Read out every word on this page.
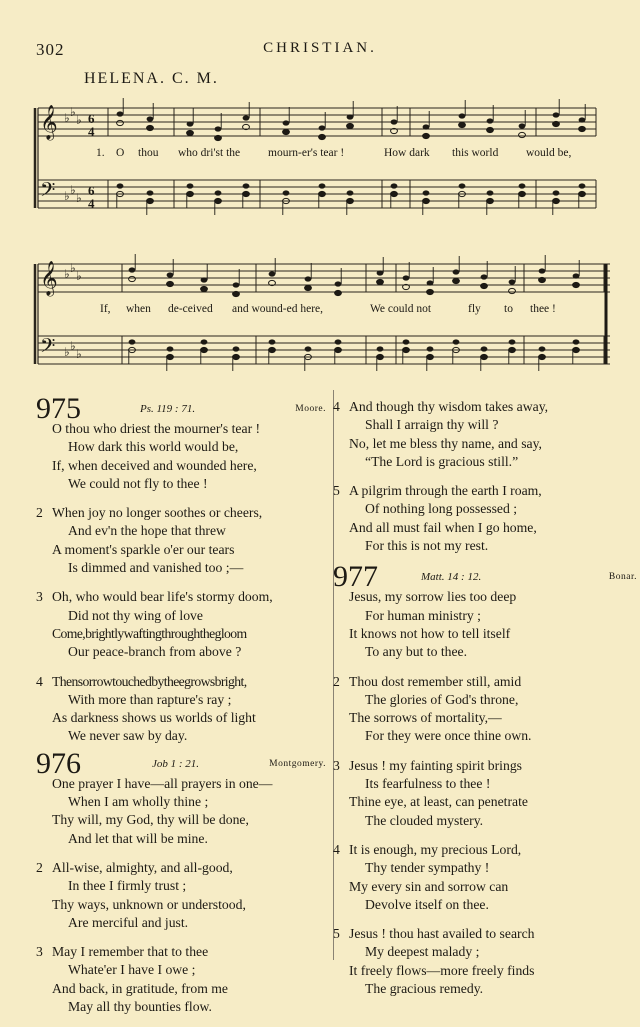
302	CHRISTIAN.
HELENA. C. M.
𝄞
𝄢
♭
♭
♭
♭
♭
♭
6
4
6
4
𝄞
𝄢
♭
♭
♭
♭
♭
♭
1. O thou who dri'st the mourn-er's tear !	How dark this world would be,
If, when de-ceived and wound-ed here,	We could not	fly to thee !
975	Ps. 119 : 71.	Moore.
O thou who driest the mourner's tear !
How dark this world would be,
If, when deceived and wounded here,
We could not fly to thee !
2 When joy no longer soothes or cheers,
And ev'n the hope that threw
A moment's sparkle o'er our tears
Is dimmed and vanished too ;—
3 Oh, who would bear life's stormy doom,
Did not thy wing of love
Come,brightlywaftingthroughthegloom
Our peace-branch from above ?
4 Thensorrowtouchedbytheegrowsbright,
With more than rapture's ray ;
As darkness shows us worlds of light
We never saw by day.
976	Job 1 : 21.	Montgomery.
One prayer I have—all prayers in one—
When I am wholly thine ;
Thy will, my God, thy will be done,
And let that will be mine.
2 All-wise, almighty, and all-good,
In thee I firmly trust ;
Thy ways, unknown or understood,
Are merciful and just.
3 May I remember that to thee
Whate'er I have I owe ;
And back, in gratitude, from me
May all thy bounties flow.
4 And though thy wisdom takes away,
Shall I arraign thy will ?
No, let me bless thy name, and say,
“The Lord is gracious still.”
5 A pilgrim through the earth I roam,
Of nothing long possessed ;
And all must fail when I go home,
For this is not my rest.
977	Matt. 14 : 12.	Bonar.
Jesus, my sorrow lies too deep
For human ministry ;
It knows not how to tell itself
To any but to thee.
2 Thou dost remember still, amid
The glories of God's throne,
The sorrows of mortality,—
For they were once thine own.
3 Jesus ! my fainting spirit brings
Its fearfulness to thee !
Thine eye, at least, can penetrate
The clouded mystery.
4 It is enough, my precious Lord,
Thy tender sympathy !
My every sin and sorrow can
Devolve itself on thee.
5 Jesus ! thou hast availed to search
My deepest malady ;
It freely flows—more freely finds
The gracious remedy.
